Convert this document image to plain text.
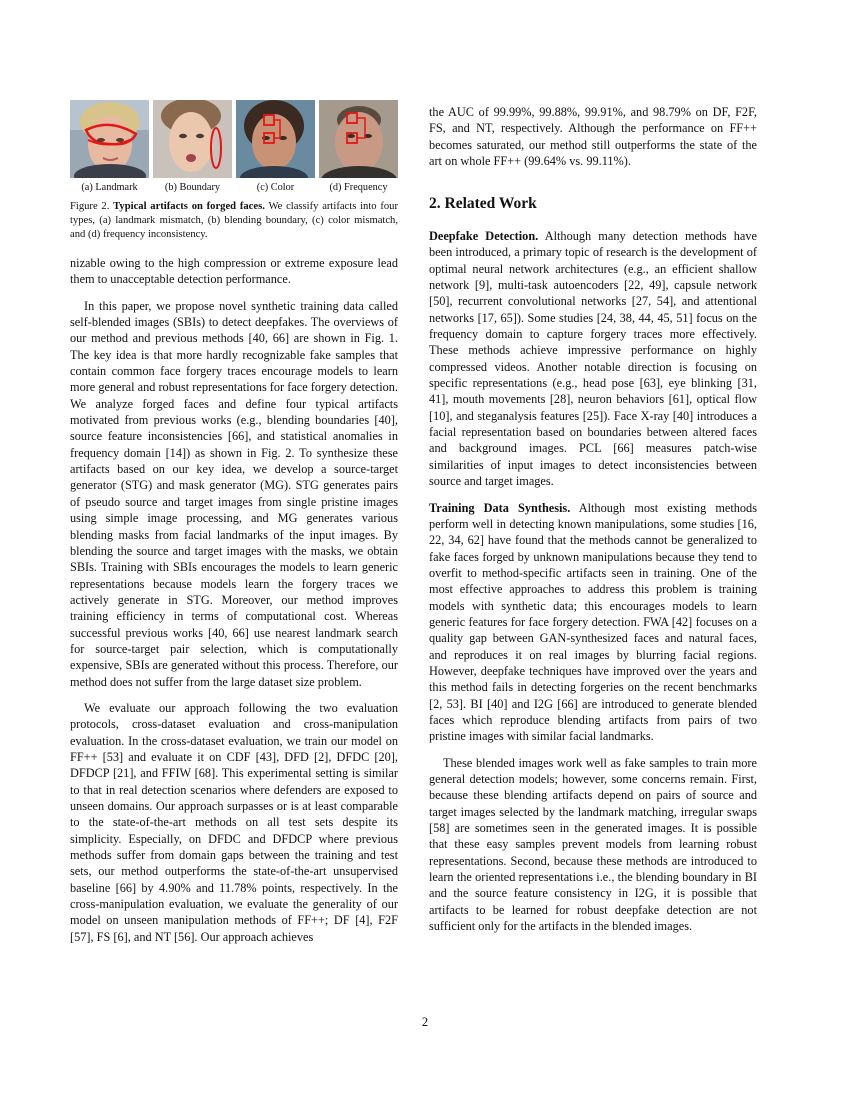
(a) Landmark	(b) Boundary	(c) Color	(d) Frequency
Figure 2. Typical artifacts on forged faces. We classify artifacts into four types, (a) landmark mismatch, (b) blending boundary, (c) color mismatch, and (d) frequency inconsistency.

nizable owing to the high compression or extreme exposure lead them to unacceptable detection performance.

In this paper, we propose novel synthetic training data called self-blended images (SBIs) to detect deepfakes. The overviews of our method and previous methods [40, 66] are shown in Fig. 1. The key idea is that more hardly recognizable fake samples that contain common face forgery traces encourage models to learn more general and robust representations for face forgery detection. We analyze forged faces and define four typical artifacts motivated from previous works (e.g., blending boundaries [40], source feature inconsistencies [66], and statistical anomalies in frequency domain [14]) as shown in Fig. 2. To synthesize these artifacts based on our key idea, we develop a source-target generator (STG) and mask generator (MG). STG generates pairs of pseudo source and target images from single pristine images using simple image processing, and MG generates various blending masks from facial landmarks of the input images. By blending the source and target images with the masks, we obtain SBIs. Training with SBIs encourages the models to learn generic representations because models learn the forgery traces we actively generate in STG. Moreover, our method improves training efficiency in terms of computational cost. Whereas successful previous works [40, 66] use nearest landmark search for source-target pair selection, which is computationally expensive, SBIs are generated without this process. Therefore, our method does not suffer from the large dataset size problem.

We evaluate our approach following the two evaluation protocols, cross-dataset evaluation and cross-manipulation evaluation. In the cross-dataset evaluation, we train our model on FF++ [53] and evaluate it on CDF [43], DFD [2], DFDC [20], DFDCP [21], and FFIW [68]. This experimental setting is similar to that in real detection scenarios where defenders are exposed to unseen domains. Our approach surpasses or is at least comparable to the state-of-the-art methods on all test sets despite its simplicity. Especially, on DFDC and DFDCP where previous methods suffer from domain gaps between the training and test sets, our method outperforms the state-of-the-art unsupervised baseline [66] by 4.90% and 11.78% points, respectively. In the cross-manipulation evaluation, we evaluate the generality of our model on unseen manipulation methods of FF++; DF [4], F2F [57], FS [6], and NT [56]. Our approach achieves

the AUC of 99.99%, 99.88%, 99.91%, and 98.79% on DF, F2F, FS, and NT, respectively. Although the performance on FF++ becomes saturated, our method still outperforms the state of the art on whole FF++ (99.64% vs. 99.11%).

2. Related Work

Deepfake Detection. Although many detection methods have been introduced, a primary topic of research is the development of optimal neural network architectures (e.g., an efficient shallow network [9], multi-task autoencoders [22, 49], capsule network [50], recurrent convolutional networks [27, 54], and attentional networks [17, 65]). Some studies [24, 38, 44, 45, 51] focus on the frequency domain to capture forgery traces more effectively. These methods achieve impressive performance on highly compressed videos. Another notable direction is focusing on specific representations (e.g., head pose [63], eye blinking [31, 41], mouth movements [28], neuron behaviors [61], optical flow [10], and steganalysis features [25]). Face X-ray [40] introduces a facial representation based on boundaries between altered faces and background images. PCL [66] measures patch-wise similarities of input images to detect inconsistencies between source and target images.

Training Data Synthesis. Although most existing methods perform well in detecting known manipulations, some studies [16, 22, 34, 62] have found that the methods cannot be generalized to fake faces forged by unknown manipulations because they tend to overfit to method-specific artifacts seen in training. One of the most effective approaches to address this problem is training models with synthetic data; this encourages models to learn generic features for face forgery detection. FWA [42] focuses on a quality gap between GAN-synthesized faces and natural faces, and reproduces it on real images by blurring facial regions. However, deepfake techniques have improved over the years and this method fails in detecting forgeries on the recent benchmarks [2, 53]. BI [40] and I2G [66] are introduced to generate blended faces which reproduce blending artifacts from pairs of two pristine images with similar facial landmarks.

These blended images work well as fake samples to train more general detection models; however, some concerns remain. First, because these blending artifacts depend on pairs of source and target images selected by the landmark matching, irregular swaps [58] are sometimes seen in the generated images. It is possible that these easy samples prevent models from learning robust representations. Second, because these methods are introduced to learn the oriented representations i.e., the blending boundary in BI and the source feature consistency in I2G, it is possible that artifacts to be learned for robust deepfake detection are not sufficient only for the artifacts in the blended images.

2
